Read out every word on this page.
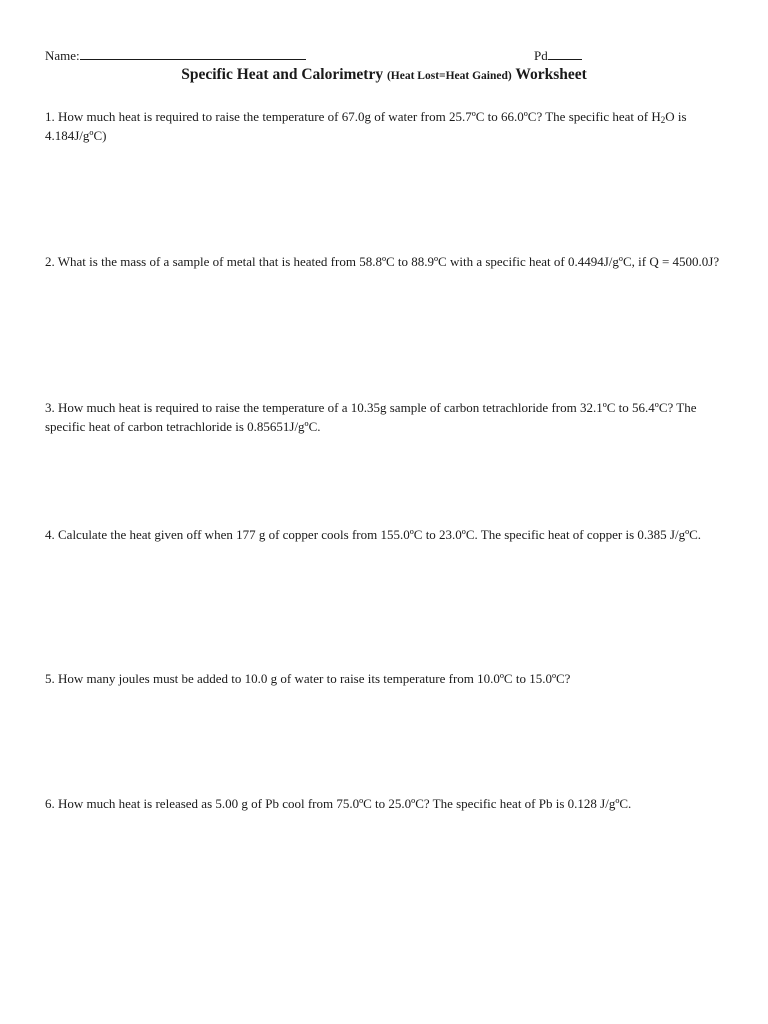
Name:	Pd
Specific Heat and Calorimetry (Heat Lost=Heat Gained) Worksheet

1. How much heat is required to raise the temperature of 67.0g of water from 25.7ºC to 66.0ºC? The specific heat of $H_2O$ is 4.184J/gºC)

2. What is the mass of a sample of metal that is heated from 58.8ºC to 88.9ºC with a specific heat of 0.4494J/gºC, if Q = 4500.0J?

3. How much heat is required to raise the temperature of a 10.35g sample of carbon tetrachloride from 32.1ºC to 56.4ºC? The specific heat of carbon tetrachloride is 0.85651J/gºC.

4. Calculate the heat given off when 177 g of copper cools from 155.0ºC to 23.0ºC. The specific heat of copper is 0.385 J/gºC.

5. How many joules must be added to 10.0 g of water to raise its temperature from 10.0ºC to 15.0ºC?

6. How much heat is released as 5.00 g of Pb cool from 75.0ºC to 25.0ºC? The specific heat of Pb is 0.128 J/gºC.
